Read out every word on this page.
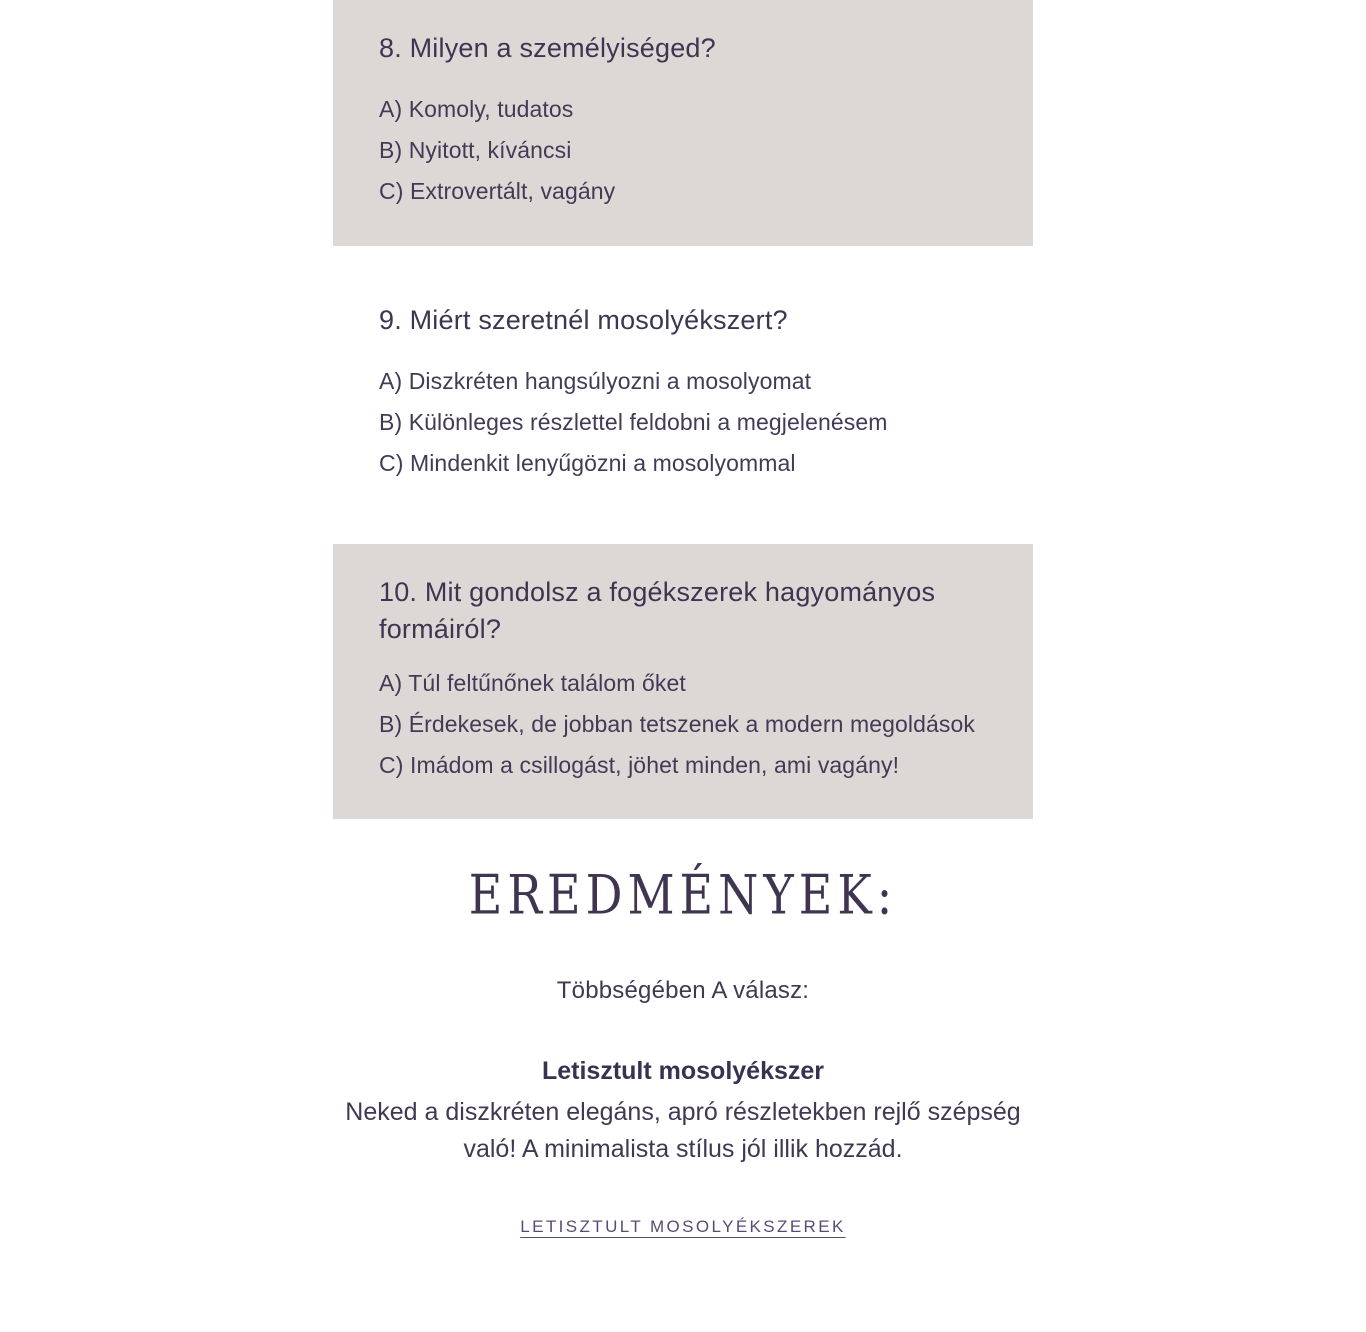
8. Milyen a személyiséged?
A) Komoly, tudatos
B) Nyitott, kíváncsi
C) Extrovertált, vagány
9. Miért szeretnél mosolyékszert?
A) Diszkréten hangsúlyozni a mosolyomat
B) Különleges részlettel feldobni a megjelenésem
C) Mindenkit lenyűgözni a mosolyommal
10. Mit gondolsz a fogékszerek hagyományos formáiról?
A) Túl feltűnőnek találom őket
B) Érdekesek, de jobban tetszenek a modern megoldások
C) Imádom a csillogást, jöhet minden, ami vagány!
EREDMÉNYEK:

Többségében A válasz:

Letisztult mosolyékszer

Neked a diszkréten elegáns, apró részletekben rejlő szépség való! A minimalista stílus jól illik hozzád.

LETISZTULT MOSOLYÉKSZEREK
